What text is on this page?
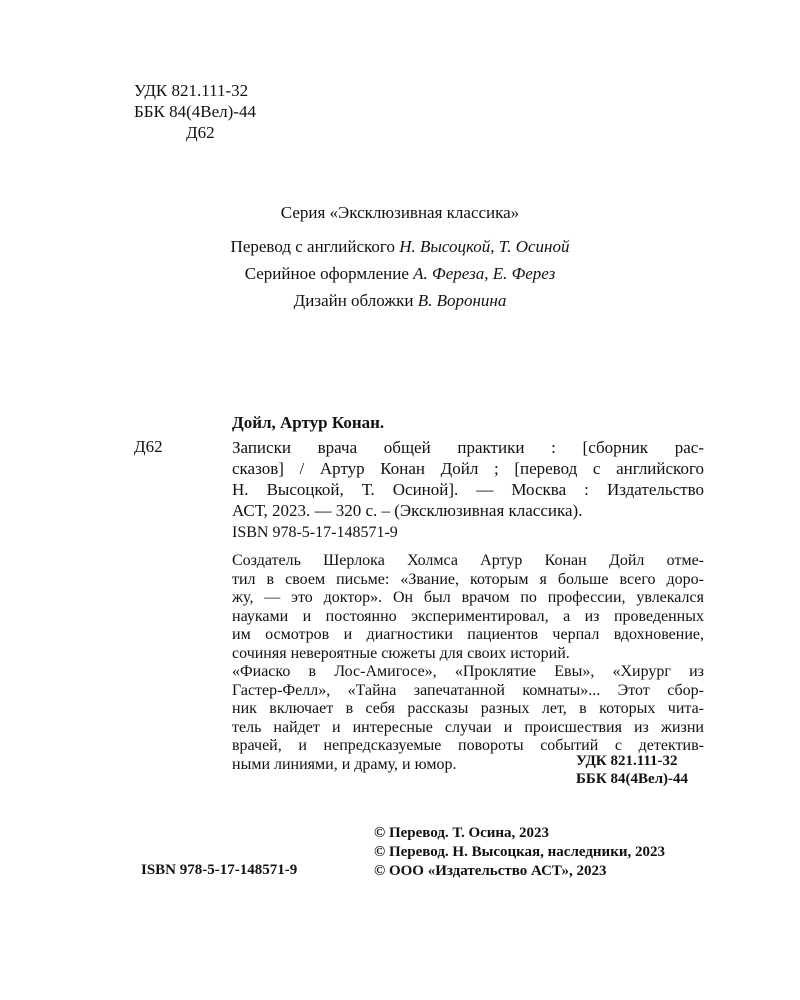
УДК 821.111-32
ББК 84(4Вел)-44
Д62
Серия «Эксклюзивная классика»
Перевод с английского Н. Высоцкой, Т. Осиной
Серийное оформление А. Фереза, Е. Ферез
Дизайн обложки В. Воронина
Дойл, Артур Конан.
Д62	Записки врача общей практики : [сборник рас-
сказов] / Артур Конан Дойл ; [перевод с английского
Н. Высоцкой, Т. Осиной]. — Москва : Издательство
АСТ, 2023. — 320 с. – (Эксклюзивная классика).
ISBN 978-5-17-148571-9
Создатель Шерлока Холмса Артур Конан Дойл отме-
тил в своем письме: «Звание, которым я больше всего доро-
жу, — это доктор». Он был врачом по профессии, увлекался
науками и постоянно экспериментировал, а из проведенных
им осмотров и диагностики пациентов черпал вдохновение,
сочиняя невероятные сюжеты для своих историй.
«Фиаско в Лос-Амигосе», «Проклятие Евы», «Хирург из
Гастер-Фелл», «Тайна запечатанной комнаты»... Этот сбор-
ник включает в себя рассказы разных лет, в которых чита-
тель найдет и интересные случаи и происшествия из жизни
врачей, и непредсказуемые повороты событий с детектив-
ными линиями, и драму, и юмор.	УДК 821.111-32
ББК 84(4Вел)-44
© Перевод. Т. Осина, 2023
© Перевод. Н. Высоцкая, наследники, 2023
© ООО «Издательство АСТ», 2023
ISBN 978-5-17-148571-9
